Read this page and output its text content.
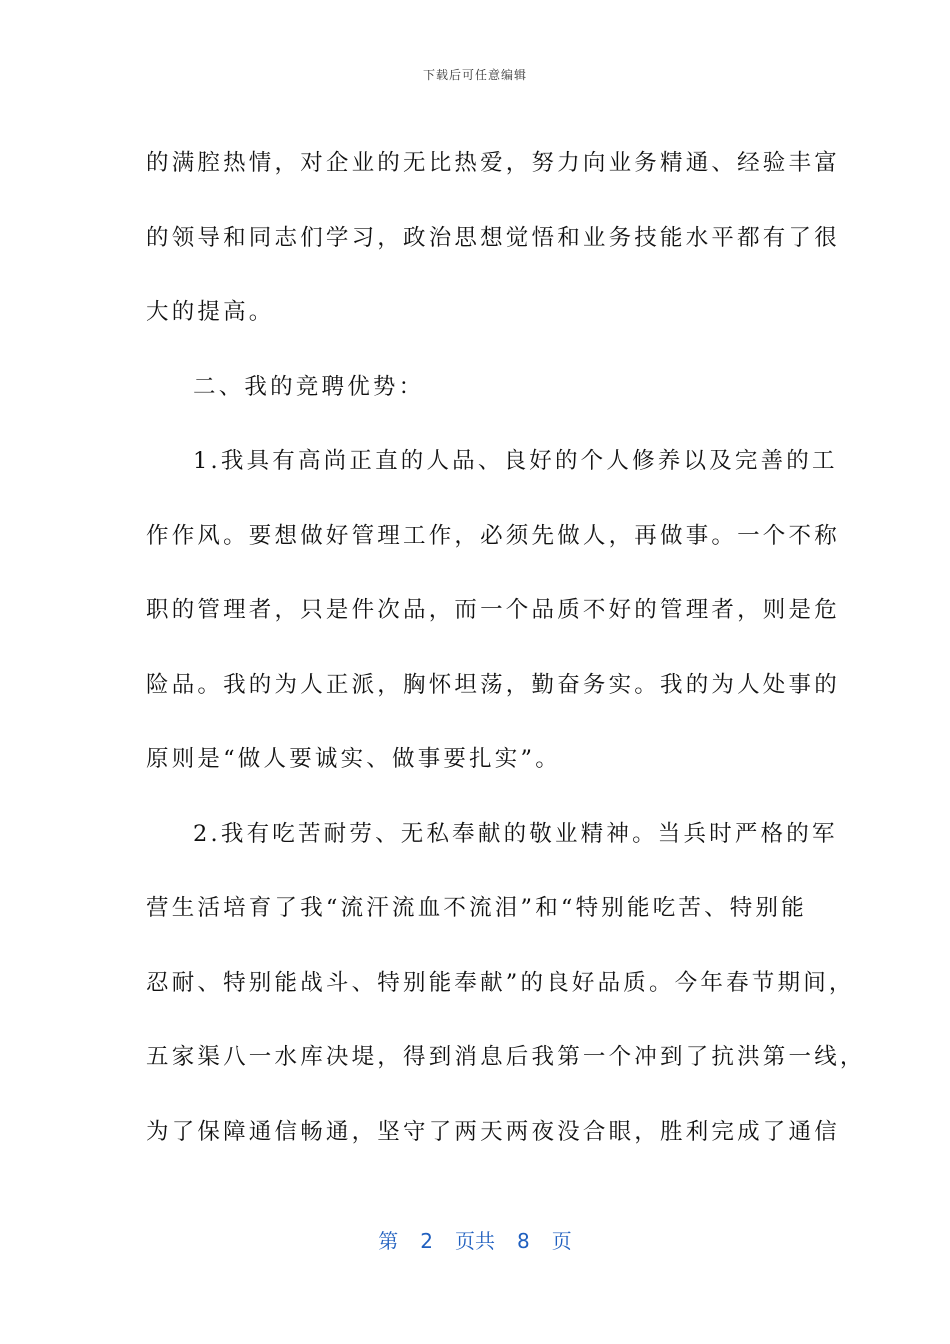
下载后可任意编辑
的满腔热情，对企业的无比热爱，努力向业务精通、经验丰富
的领导和同志们学习，政治思想觉悟和业务技能水平都有了很
大的提高。
二、我的竞聘优势：
1.我具有高尚正直的人品、良好的个人修养以及完善的工
作作风。要想做好管理工作，必须先做人，再做事。一个不称
职的管理者，只是件次品，而一个品质不好的管理者，则是危
险品。我的为人正派，胸怀坦荡，勤奋务实。我的为人处事的
原则是“做人要诚实、做事要扎实”。
2.我有吃苦耐劳、无私奉献的敬业精神。当兵时严格的军
营生活培育了我“流汗流血不流泪”和“特别能吃苦、特别能
忍耐、特别能战斗、特别能奉献”的良好品质。今年春节期间，
五家渠八一水库决堤，得到消息后我第一个冲到了抗洪第一线，
为了保障通信畅通，坚守了两天两夜没合眼，胜利完成了通信
第 2 页共 8 页
